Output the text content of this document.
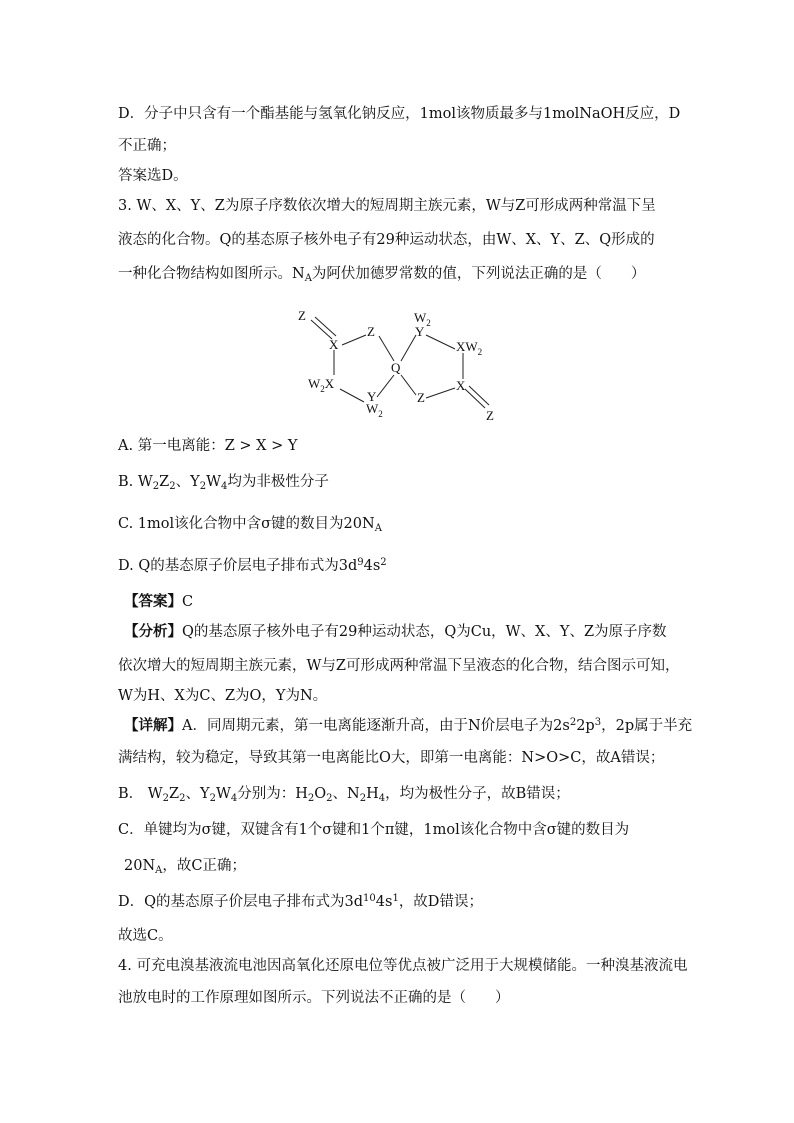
D．分子中只含有一个酯基能与氢氧化钠反应，1mol该物质最多与1molNaOH反应，D
不正确；
答案选D。
3. W、X、Y、Z为原子序数依次增大的短周期主族元素，W与Z可形成两种常温下呈
液态的化合物。Q的基态原子核外电子有29种运动状态，由W、X、Y、Z、Q形成的
一种化合物结构如图所示。$N_A$为阿伏加德罗常数的值，下列说法正确的是（　　）
Z
X
Z
$W_2X$
Y
$W_2$
Q
$W_2$
Y
$XW_2$
Z
X
Z
A. 第一电离能：Z > X > Y
B. $W_2Z_2$、$Y_2W_4$均为非极性分子
C. 1mol该化合物中含σ键的数目为$20N_A$
D. Q的基态原子价层电子排布式为$3d^94s^2$
【答案】C
【分析】Q的基态原子核外电子有29种运动状态，Q为Cu，W、X、Y、Z为原子序数
依次增大的短周期主族元素，W与Z可形成两种常温下呈液态的化合物，结合图示可知，
W为H、X为C、Z为O，Y为N。
【详解】A．同周期元素，第一电离能逐渐升高，由于N价层电子为$2s^22p^3$，2p属于半充
满结构，较为稳定，导致其第一电离能比O大，即第一电离能：N>O>C，故A错误；
B． $W_2Z_2$、$Y_2W_4$分别为：$H_2O_2$、$N_2H_4$，均为极性分子，故B错误；
C．单键均为σ键，双键含有1个σ键和1个π键，1mol该化合物中含σ键的数目为
$20N_A$，故C正确；
D．Q的基态原子价层电子排布式为$3d^{10}4s^1$，故D错误；
故选C。
4. 可充电溴基液流电池因高氧化还原电位等优点被广泛用于大规模储能。一种溴基液流电
池放电时的工作原理如图所示。下列说法不正确的是（　　）
